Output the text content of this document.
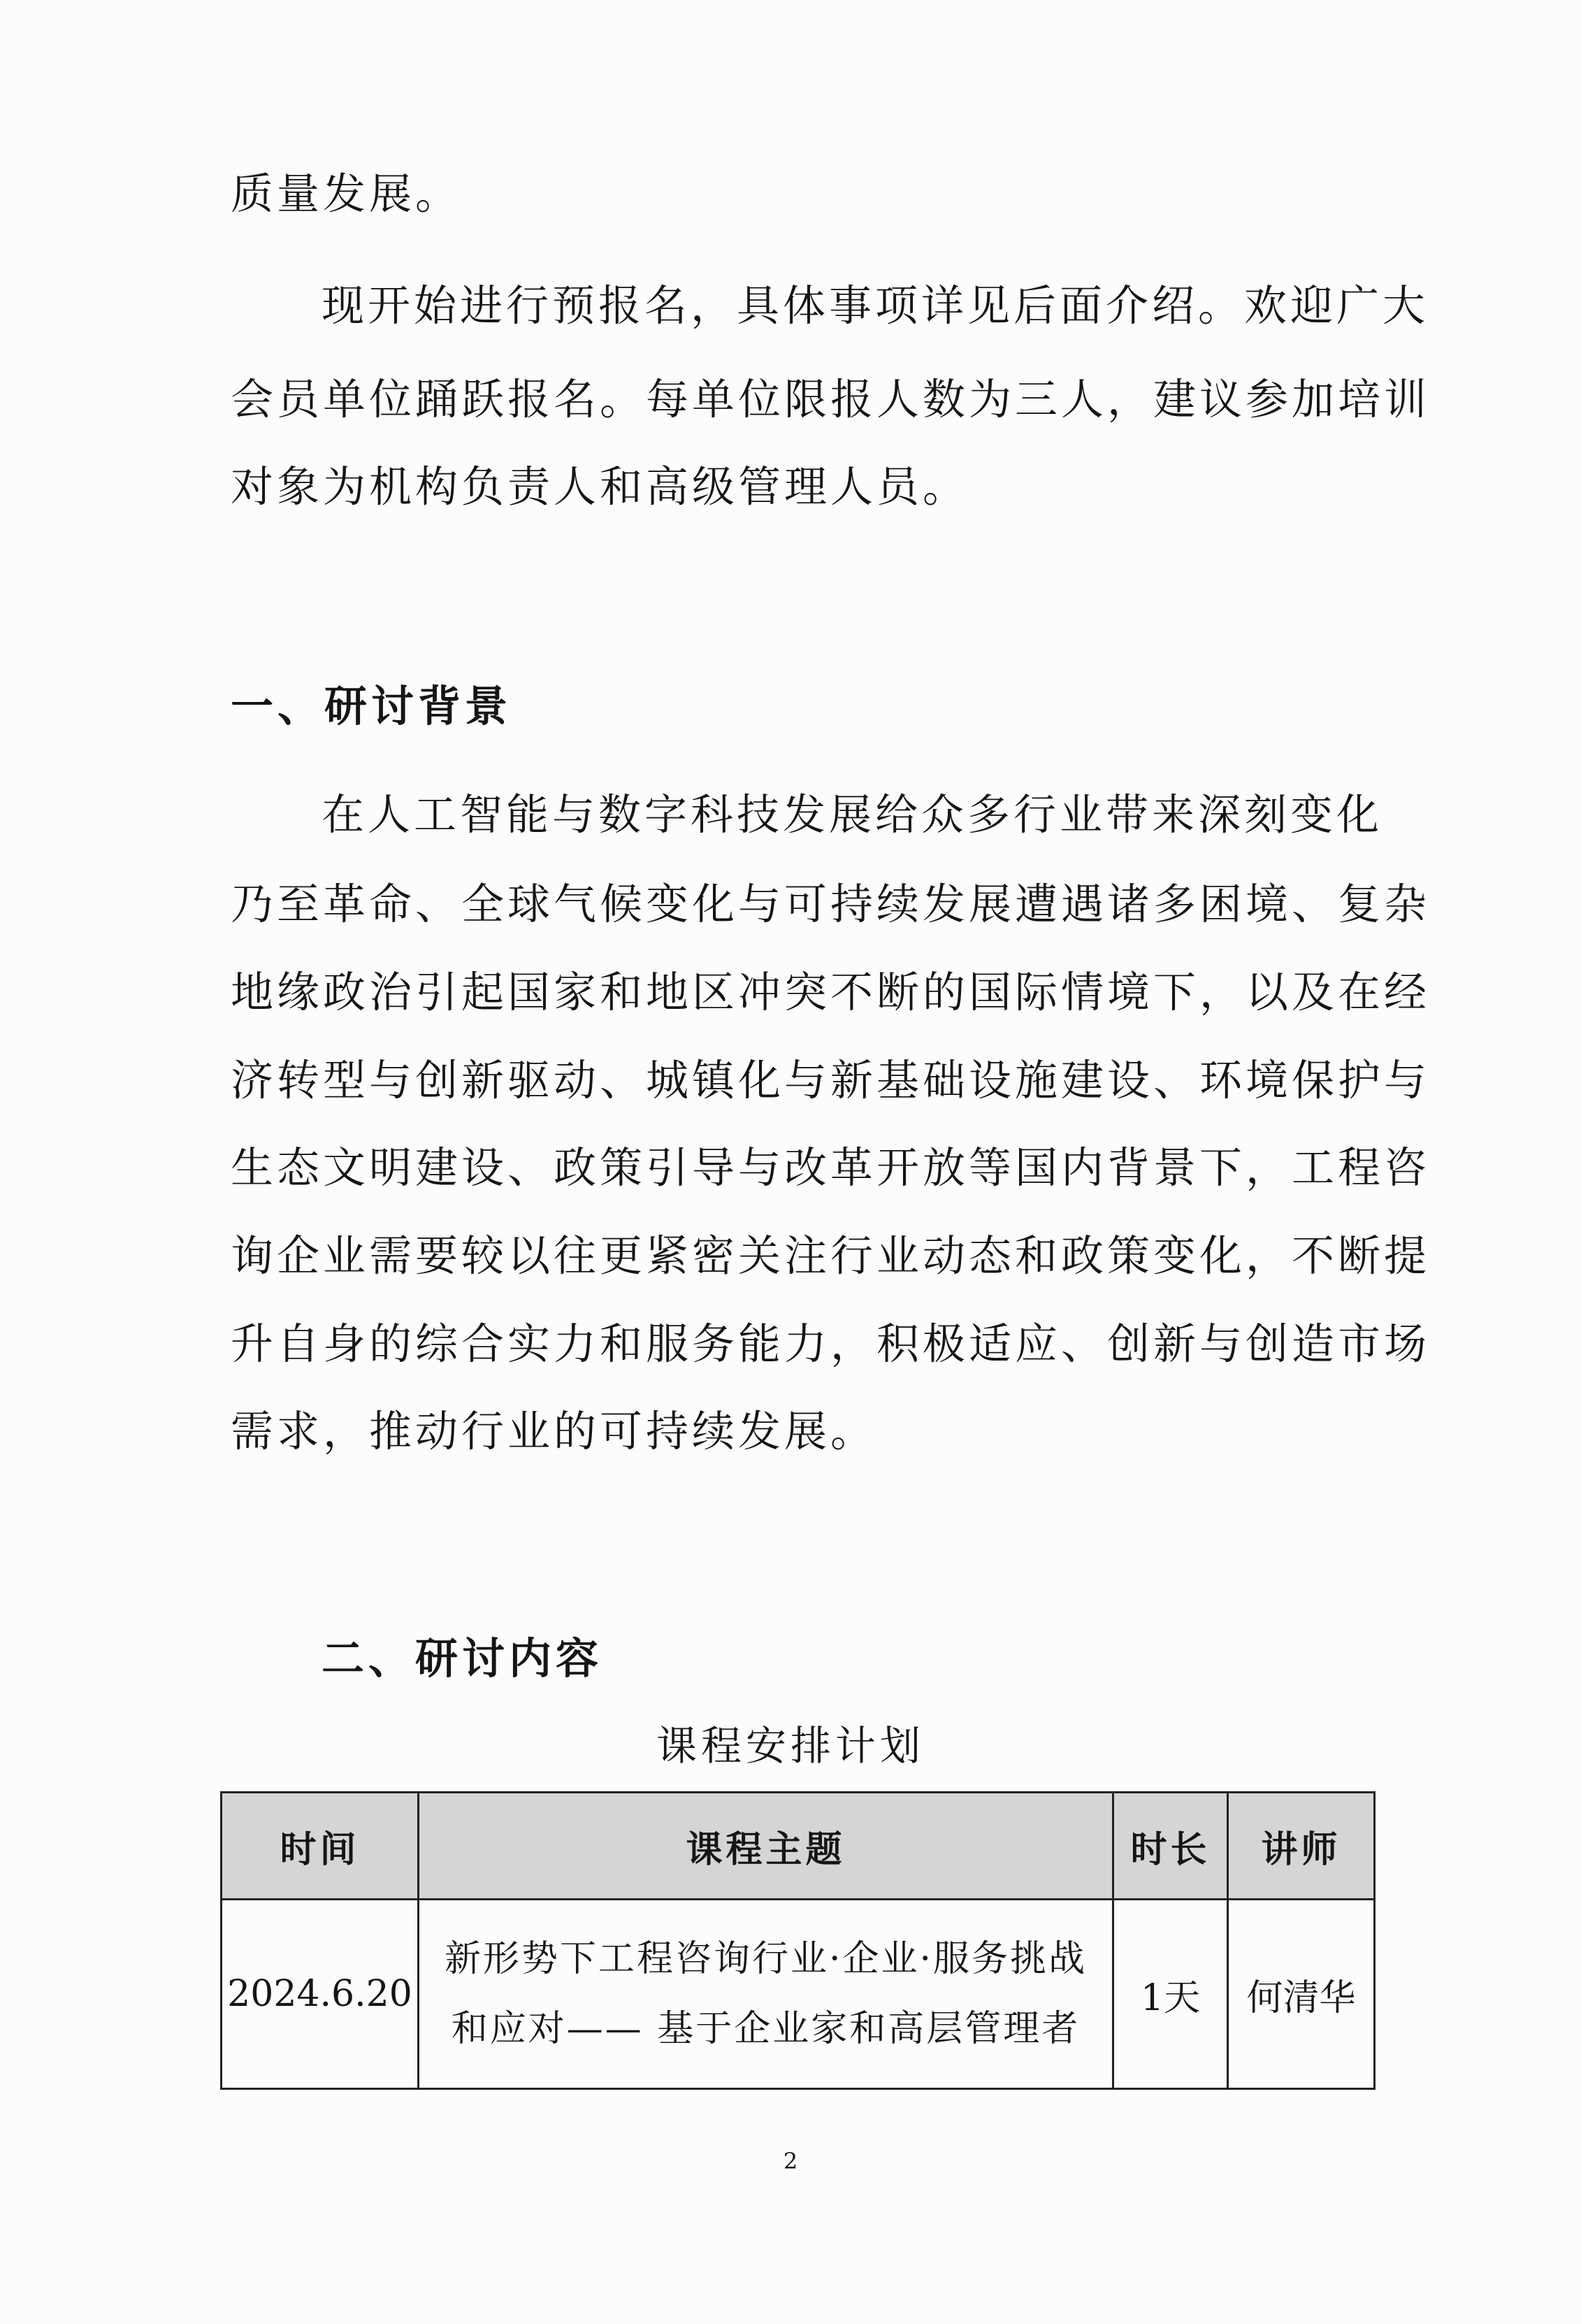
质量发展。
现开始进行预报名，具体事项详见后面介绍。欢迎广大
会员单位踊跃报名。每单位限报人数为三人，建议参加培训
对象为机构负责人和高级管理人员。
一、研讨背景
在人工智能与数字科技发展给众多行业带来深刻变化
乃至革命、全球气候变化与可持续发展遭遇诸多困境、复杂
地缘政治引起国家和地区冲突不断的国际情境下，以及在经
济转型与创新驱动、城镇化与新基础设施建设、环境保护与
生态文明建设、政策引导与改革开放等国内背景下，工程咨
询企业需要较以往更紧密关注行业动态和政策变化，不断提
升自身的综合实力和服务能力，积极适应、创新与创造市场
需求，推动行业的可持续发展。
二、研讨内容
课程安排计划
时间	课程主题	时长	讲师
2024.6.20	新形势下工程咨询行业·企业·服务挑战
和应对—— 基于企业家和高层管理者	1天	何清华
2
